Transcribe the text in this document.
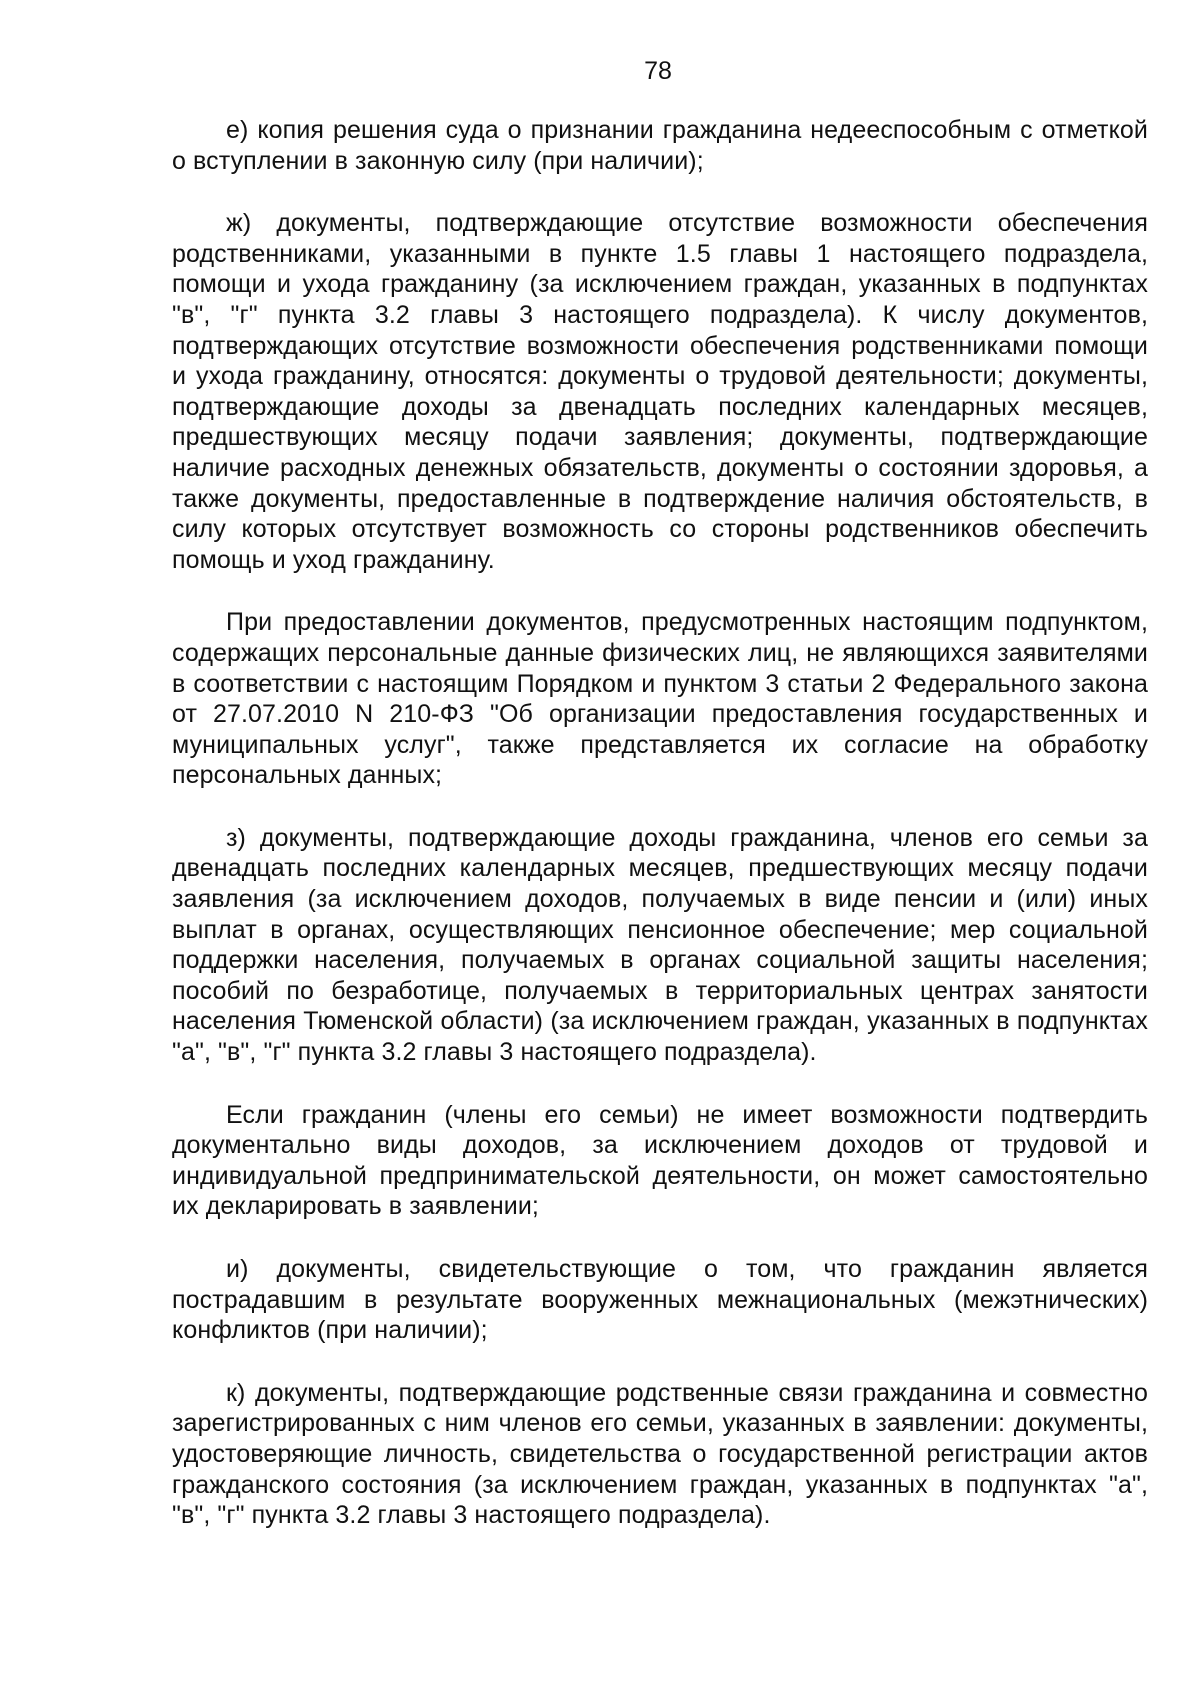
78

е) копия решения суда о признании гражданина недееспособным с отметкой о вступлении в законную силу (при наличии);

ж) документы, подтверждающие отсутствие возможности обеспечения родственниками, указанными в пункте 1.5 главы 1 настоящего подраздела, помощи и ухода гражданину (за исключением граждан, указанных в подпунктах "в", "г" пункта 3.2 главы 3 настоящего подраздела). К числу документов, подтверждающих отсутствие возможности обеспечения родственниками помощи и ухода гражданину, относятся: документы о трудовой деятельности; документы, подтверждающие доходы за двенадцать последних календарных месяцев, предшествующих месяцу подачи заявления; документы, подтверждающие наличие расходных денежных обязательств, документы о состоянии здоровья, а также документы, предоставленные в подтверждение наличия обстоятельств, в силу которых отсутствует возможность со стороны родственников обеспечить помощь и уход гражданину.

При предоставлении документов, предусмотренных настоящим подпунктом, содержащих персональные данные физических лиц, не являющихся заявителями в соответствии с настоящим Порядком и пунктом 3 статьи 2 Федерального закона от 27.07.2010 N 210-ФЗ "Об организации предоставления государственных и муниципальных услуг", также представляется их согласие на обработку персональных данных;

з) документы, подтверждающие доходы гражданина, членов его семьи за двенадцать последних календарных месяцев, предшествующих месяцу подачи заявления (за исключением доходов, получаемых в виде пенсии и (или) иных выплат в органах, осуществляющих пенсионное обеспечение; мер социальной поддержки населения, получаемых в органах социальной защиты населения; пособий по безработице, получаемых в территориальных центрах занятости населения Тюменской области) (за исключением граждан, указанных в подпунктах "а", "в", "г" пункта 3.2 главы 3 настоящего подраздела).

Если гражданин (члены его семьи) не имеет возможности подтвердить документально виды доходов, за исключением доходов от трудовой и индивидуальной предпринимательской деятельности, он может самостоятельно их декларировать в заявлении;

и) документы, свидетельствующие о том, что гражданин является пострадавшим в результате вооруженных межнациональных (межэтнических) конфликтов (при наличии);

к) документы, подтверждающие родственные связи гражданина и совместно зарегистрированных с ним членов его семьи, указанных в заявлении: документы, удостоверяющие личность, свидетельства о государственной регистрации актов гражданского состояния (за исключением граждан, указанных в подпунктах "а", "в", "г" пункта 3.2 главы 3 настоящего подраздела).
